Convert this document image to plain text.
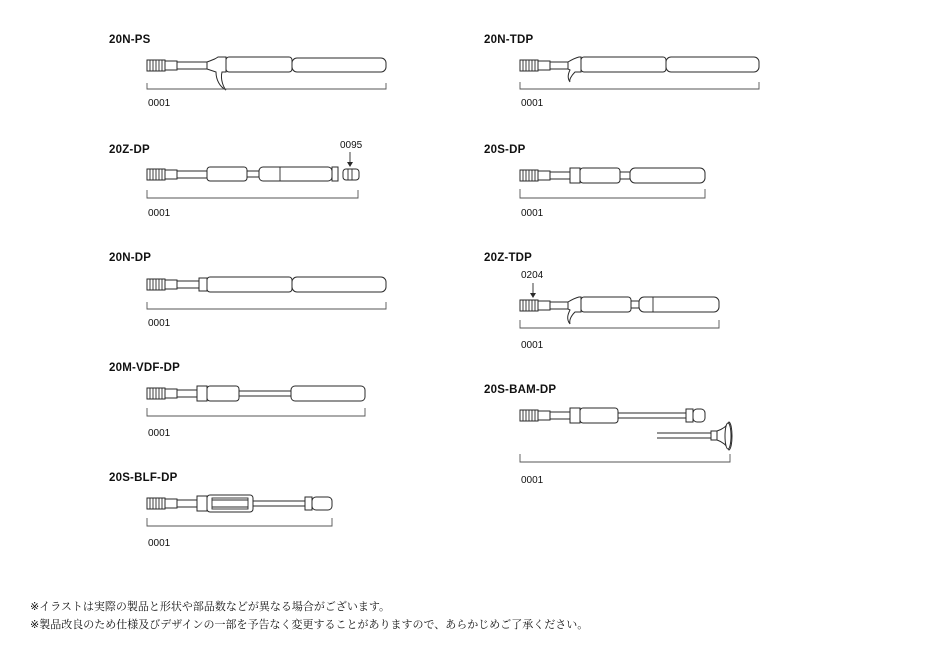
20N-PS
0001
20Z-DP	0095
0001
20N-DP
0001
20M-VDF-DP
0001
20S-BLF-DP
0001
20N-TDP
0001
20S-DP
0001
20Z-TDP
0204
0001
20S-BAM-DP
0001
※イラストは実際の製品と形状や部品数などが異なる場合がございます。
※製品改良のため仕様及びデザインの一部を予告なく変更することがありますので、あらかじめご了承ください。
